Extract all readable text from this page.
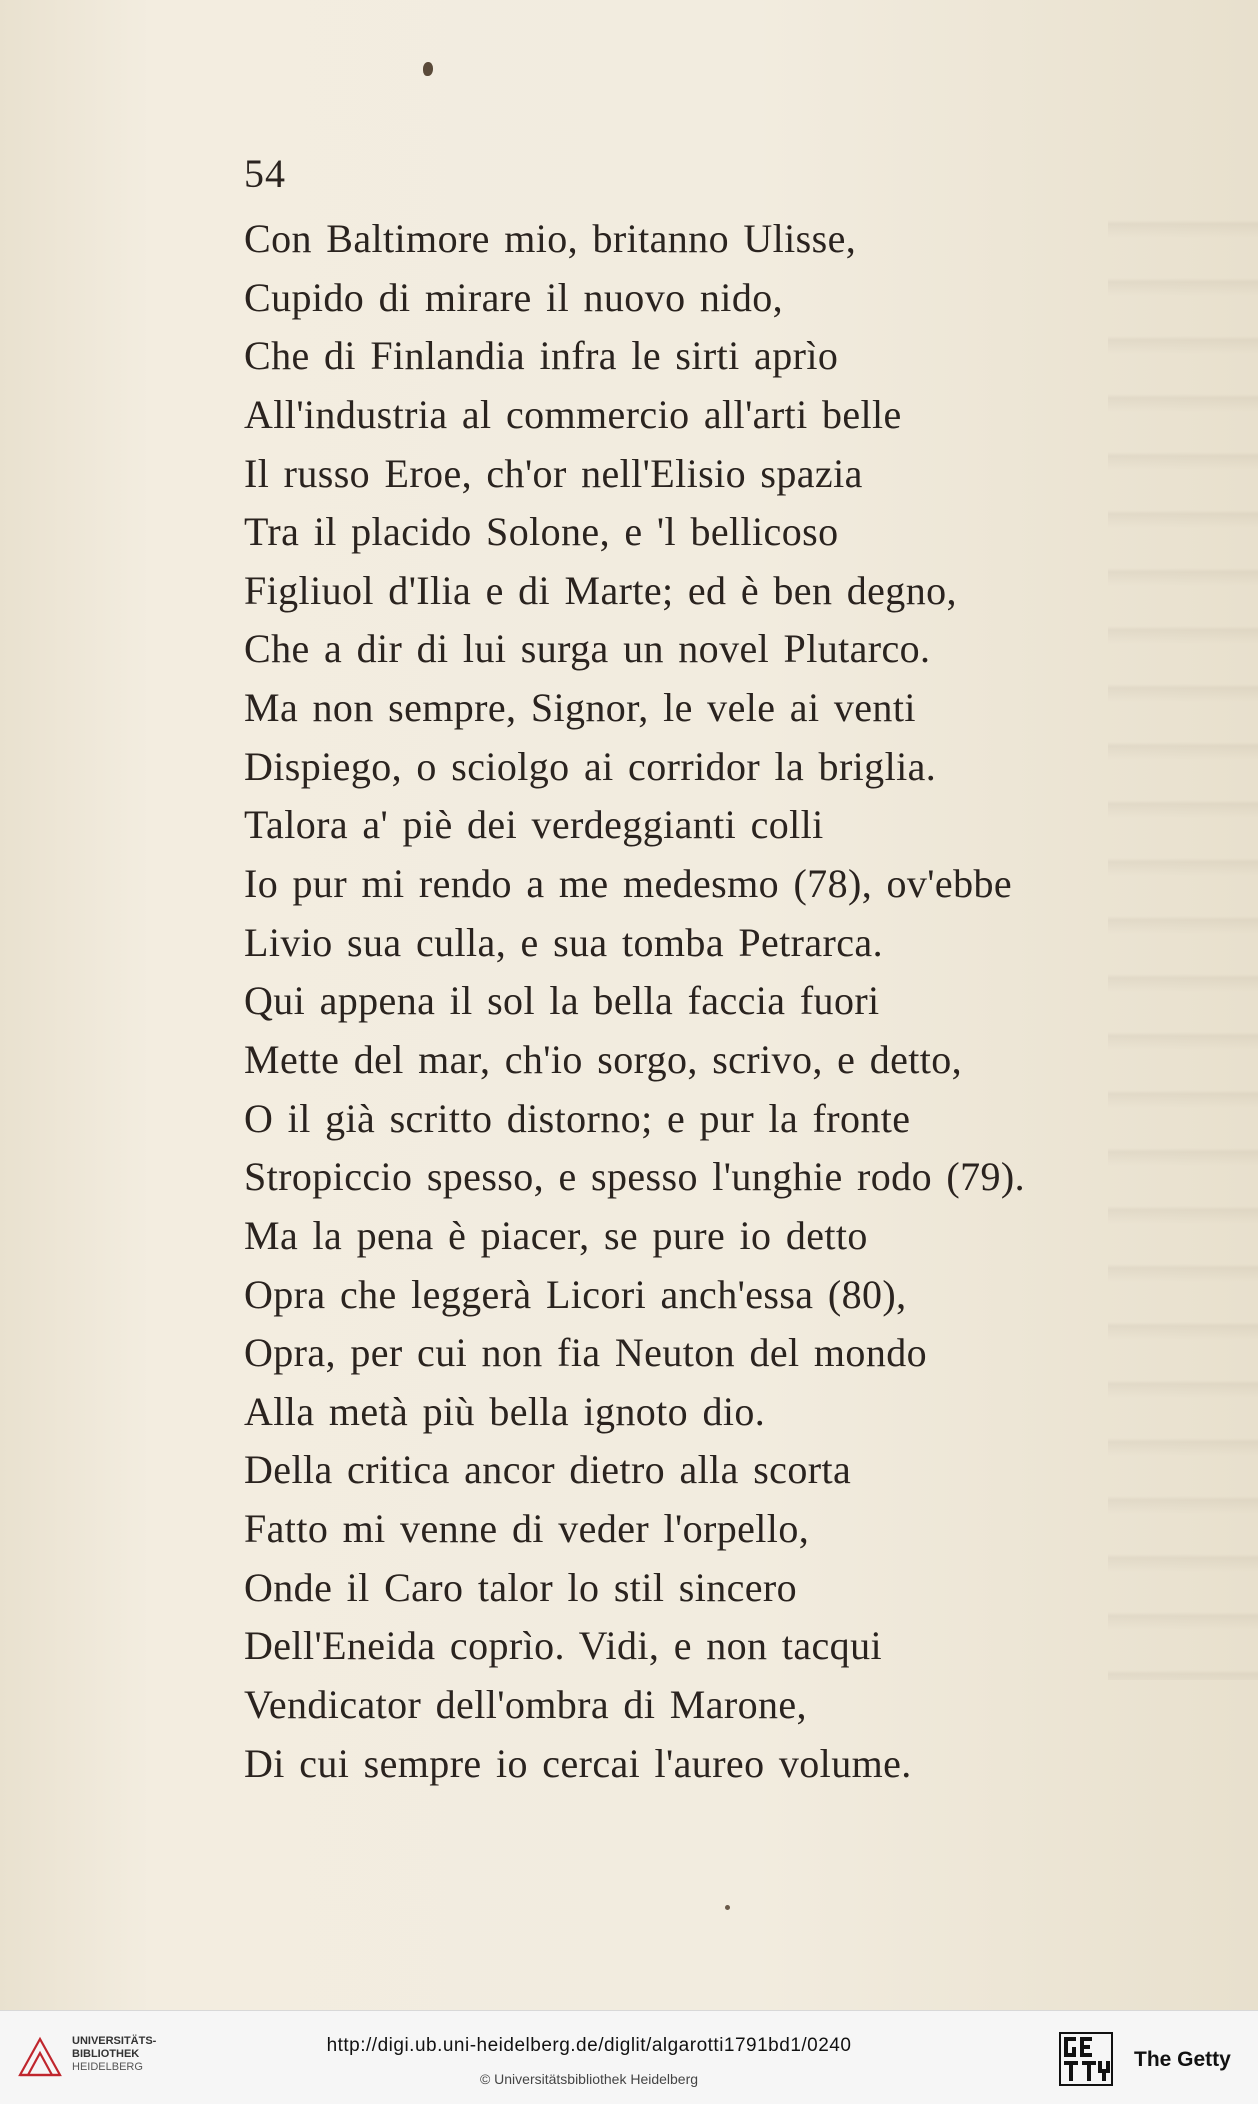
54
Con Baltimore mio, britanno Ulisse,
Cupido di mirare il nuovo nido,
Che di Finlandia infra le sirti aprìo
All'industria al commercio all'arti belle
Il russo Eroe, ch'or nell'Elisio spazia
Tra il placido Solone, e 'l bellicoso
Figliuol d'Ilia e di Marte; ed è ben degno,
Che a dir di lui surga un novel Plutarco.
Ma non sempre, Signor, le vele ai venti
Dispiego, o sciolgo ai corridor la briglia.
Talora a' piè dei verdeggianti colli
Io pur mi rendo a me medesmo (78), ov'ebbe
Livio sua culla, e sua tomba Petrarca.
Qui appena il sol la bella faccia fuori
Mette del mar, ch'io sorgo, scrivo, e detto,
O il già scritto distorno; e pur la fronte
Stropiccio spesso, e spesso l'unghie rodo (79).
Ma la pena è piacer, se pure io detto
Opra che leggerà Licori anch'essa (80),
Opra, per cui non fia Neuton del mondo
Alla metà più bella ignoto dio.
Della critica ancor dietro alla scorta
Fatto mi venne di veder l'orpello,
Onde il Caro talor lo stil sincero
Dell'Eneida coprìo. Vidi, e non tacqui
Vendicator dell'ombra di Marone,
Di cui sempre io cercai l'aureo volume.
UNIVERSITÄTS-
BIBLIOTHEK
HEIDELBERG
http://digi.ub.uni-heidelberg.de/diglit/algarotti1791bd1/0240
© Universitätsbibliothek Heidelberg
The Getty
